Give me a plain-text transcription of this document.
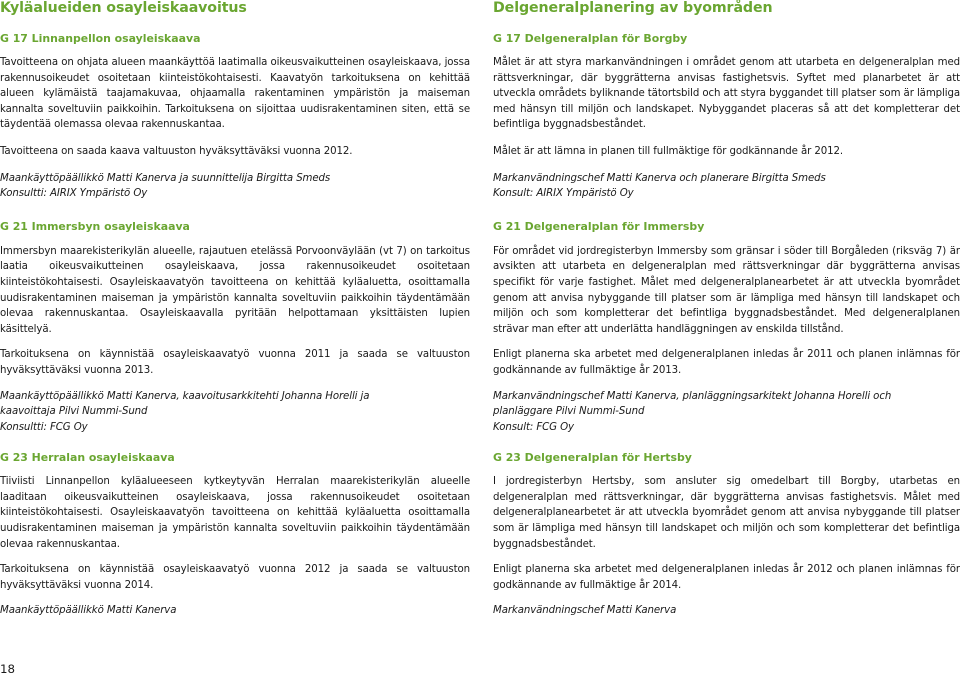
Kyläalueiden osayleiskaavoitus
G 17 Linnanpellon osayleiskaava

Tavoitteena on ohjata alueen maankäyttöä laatimalla oikeusvaikutteinen osayleiskaava, jossa rakennusoikeudet osoitetaan kiinteistökohtaisesti. Kaavatyön tarkoituksena on kehittää alueen kylämäistä taajamakuvaa, ohjaamalla rakentaminen ympäristön ja maiseman kannalta soveltuviin paikkoihin. Tarkoituksena on sijoittaa uudisrakentaminen siten, että se täydentää olemassa olevaa rakennuskantaa.

Tavoitteena on saada kaava valtuuston hyväksyttäväksi vuonna 2012.

Maankäyttöpäällikkö Matti Kanerva ja suunnittelija Birgitta Smeds

Konsultti: AIRIX Ympäristö Oy

G 21 Immersbyn osayleiskaava

Immersbyn maarekisterikylän alueelle, rajautuen etelässä Porvoonväylään (vt 7) on tarkoitus laatia oikeusvaikutteinen osayleiskaava, jossa rakennusoikeudet osoitetaan kiinteistökohtaisesti. Osayleiskaavatyön tavoitteena on kehittää kyläaluetta, osoittamalla uudisrakentaminen maiseman ja ympäristön kannalta soveltuviin paikkoihin täydentämään olevaa rakennuskantaa. Osayleiskaavalla pyritään helpottamaan yksittäisten lupien käsittelyä.

Tarkoituksena on käynnistää osayleiskaavatyö vuonna 2011 ja saada se valtuuston hyväksyttäväksi vuonna 2013.

Maankäyttöpäällikkö Matti Kanerva, kaavoitusarkkitehti Johanna Horelli ja

kaavoittaja Pilvi Nummi-Sund

Konsultti: FCG Oy

G 23 Herralan osayleiskaava

Tiiviisti Linnanpellon kyläalueeseen kytkeytyvän Herralan maarekisterikylän alueelle laaditaan oikeusvaikutteinen osayleiskaava, jossa rakennusoikeudet osoitetaan kiinteistökohtaisesti. Osayleiskaavatyön tavoitteena on kehittää kyläaluetta osoittamalla uudisrakentaminen maiseman ja ympäristön kannalta soveltuviin paikkoihin täydentämään olevaa rakennuskantaa.

Tarkoituksena on käynnistää osayleiskaavatyö vuonna 2012 ja saada se valtuuston hyväksyttäväksi vuonna 2014.

Maankäyttöpäällikkö Matti Kanerva

Delgeneralplanering av byområden
G 17 Delgeneralplan för Borgby

Målet är att styra markanvändningen i området genom att utarbeta en delgeneralplan med rättsverkningar, där byggrätterna anvisas fastighetsvis. Syftet med planarbetet är att utveckla områdets byliknande tätortsbild och att styra byggandet till platser som är lämpliga med hänsyn till miljön och landskapet. Nybyggandet placeras så att det kompletterar det befintliga byggnadsbeståndet.

Målet är att lämna in planen till fullmäktige för godkännande år 2012.

Markanvändningschef Matti Kanerva och planerare Birgitta Smeds

Konsult: AIRIX Ympäristö Oy

G 21 Delgeneralplan för Immersby

För området vid jordregisterbyn Immersby som gränsar i söder till Borgåleden (riksväg 7) är avsikten att utarbeta en delgeneralplan med rättsverkningar där byggrätterna anvisas specifikt för varje fastighet. Målet med delgeneralplanearbetet är att utveckla byområdet genom att anvisa nybyggande till platser som är lämpliga med hänsyn till landskapet och miljön och som kompletterar det befintliga byggnadsbeståndet. Med delgeneralplanen strävar man efter att underlätta handläggningen av enskilda tillstånd.

Enligt planerna ska arbetet med delgeneralplanen inledas år 2011 och planen inlämnas för godkännande av fullmäktige år 2013.

Markanvändningschef Matti Kanerva, planläggningsarkitekt Johanna Horelli och

planläggare Pilvi Nummi-Sund

Konsult: FCG Oy

G 23 Delgeneralplan för Hertsby

I jordregisterbyn Hertsby, som ansluter sig omedelbart till Borgby, utarbetas en delgeneralplan med rättsverkningar, där byggrätterna anvisas fastighetsvis. Målet med delgeneralplanearbetet är att utveckla byområdet genom att anvisa nybyggande till platser som är lämpliga med hänsyn till landskapet och miljön och som kompletterar det befintliga byggnadsbeståndet.

Enligt planerna ska arbetet med delgeneralplanen inledas år 2012 och planen inlämnas för godkännande av fullmäktige år 2014.

Markanvändningschef Matti Kanerva

18
